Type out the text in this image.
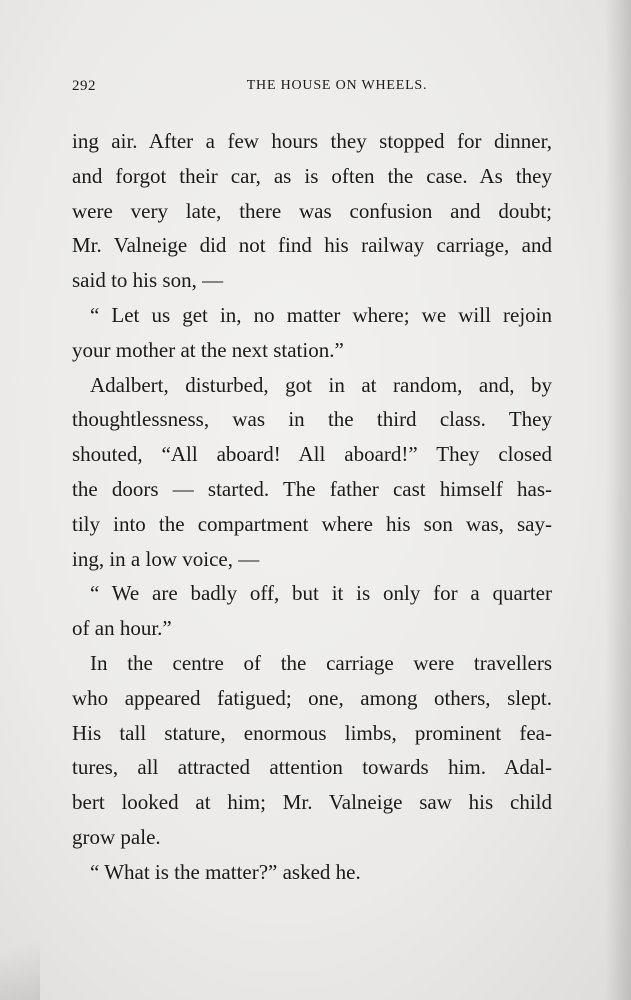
292	THE HOUSE ON WHEELS.
ing air. After a few hours they stopped for dinner,
and forgot their car, as is often the case. As they
were very late, there was confusion and doubt;
Mr. Valneige did not find his railway carriage, and
said to his son, —
“ Let us get in, no matter where; we will rejoin
your mother at the next station.”
Adalbert, disturbed, got in at random, and, by
thoughtlessness, was in the third class. They
shouted, “All aboard! All aboard!” They closed
the doors — started. The father cast himself has-
tily into the compartment where his son was, say-
ing, in a low voice, —
“ We are badly off, but it is only for a quarter
of an hour.”
In the centre of the carriage were travellers
who appeared fatigued; one, among others, slept.
His tall stature, enormous limbs, prominent fea-
tures, all attracted attention towards him. Adal-
bert looked at him; Mr. Valneige saw his child
grow pale.
“ What is the matter?” asked he.
